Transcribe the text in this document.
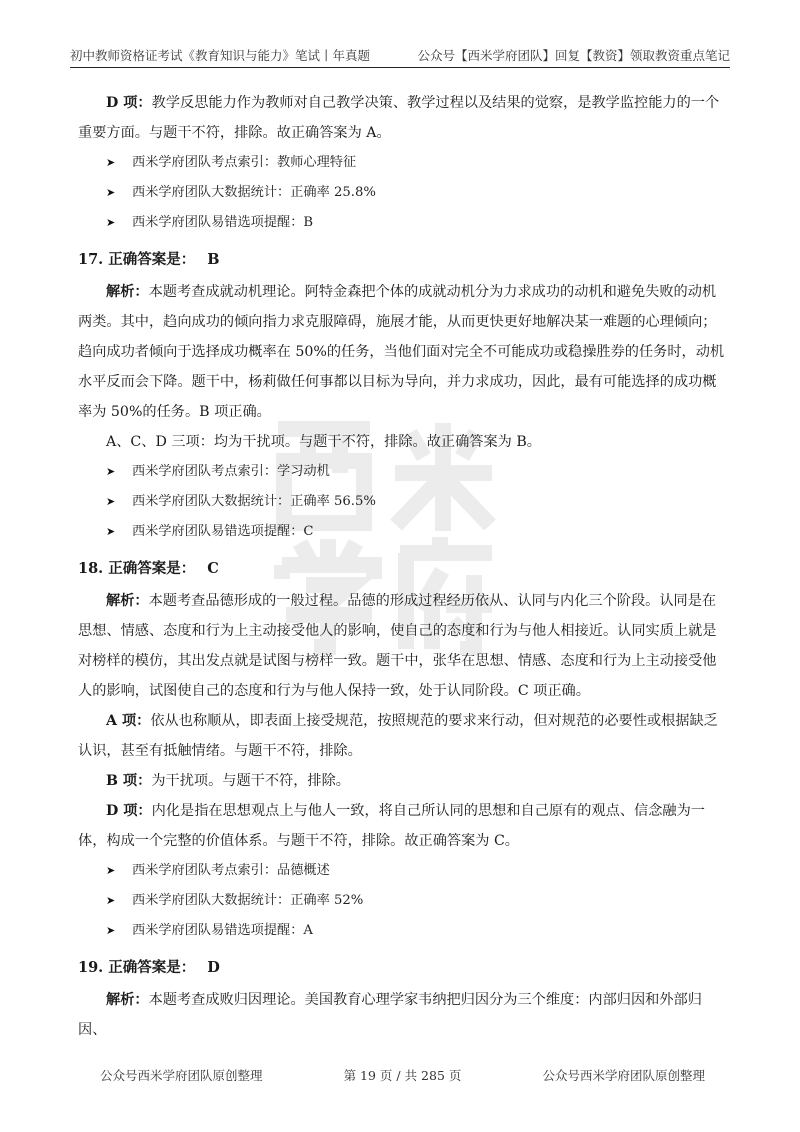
初中教师资格证考试《教育知识与能力》笔试丨年真题	公众号【西米学府团队】回复【教资】领取教资重点笔记

D 项：教学反思能力作为教师对自己教学决策、教学过程以及结果的觉察，是教学监控能力的一个重要方面。与题干不符，排除。故正确答案为 A。

➤ 西米学府团队考点索引：教师心理特征

➤ 西米学府团队大数据统计：正确率 25.8%

➤ 西米学府团队易错选项提醒：B

17. 正确答案是： B

解析：本题考查成就动机理论。阿特金森把个体的成就动机分为力求成功的动机和避免失败的动机两类。其中，趋向成功的倾向指力求克服障碍，施展才能，从而更快更好地解决某一难题的心理倾向；趋向成功者倾向于选择成功概率在 50%的任务，当他们面对完全不可能成功或稳操胜券的任务时，动机水平反而会下降。题干中，杨莉做任何事都以目标为导向，并力求成功，因此，最有可能选择的成功概率为 50%的任务。B 项正确。

A、C、D 三项：均为干扰项。与题干不符，排除。故正确答案为 B。

➤ 西米学府团队考点索引：学习动机

➤ 西米学府团队大数据统计：正确率 56.5%

➤ 西米学府团队易错选项提醒：C

18. 正确答案是： C

解析：本题考查品德形成的一般过程。品德的形成过程经历依从、认同与内化三个阶段。认同是在思想、情感、态度和行为上主动接受他人的影响，使自己的态度和行为与他人相接近。认同实质上就是对榜样的模仿，其出发点就是试图与榜样一致。题干中，张华在思想、情感、态度和行为上主动接受他人的影响，试图使自己的态度和行为与他人保持一致，处于认同阶段。C 项正确。

A 项：依从也称顺从，即表面上接受规范，按照规范的要求来行动，但对规范的必要性或根据缺乏认识，甚至有抵触情绪。与题干不符，排除。

B 项：为干扰项。与题干不符，排除。

D 项：内化是指在思想观点上与他人一致，将自己所认同的思想和自己原有的观点、信念融为一体，构成一个完整的价值体系。与题干不符，排除。故正确答案为 C。

➤ 西米学府团队考点索引：品德概述

➤ 西米学府团队大数据统计：正确率 52%

➤ 西米学府团队易错选项提醒：A

19. 正确答案是： D

解析：本题考查成败归因理论。美国教育心理学家韦纳把归因分为三个维度：内部归因和外部归因、

公众号西米学府团队原创整理	第 19 页 / 共 285 页	公众号西米学府团队原创整理
